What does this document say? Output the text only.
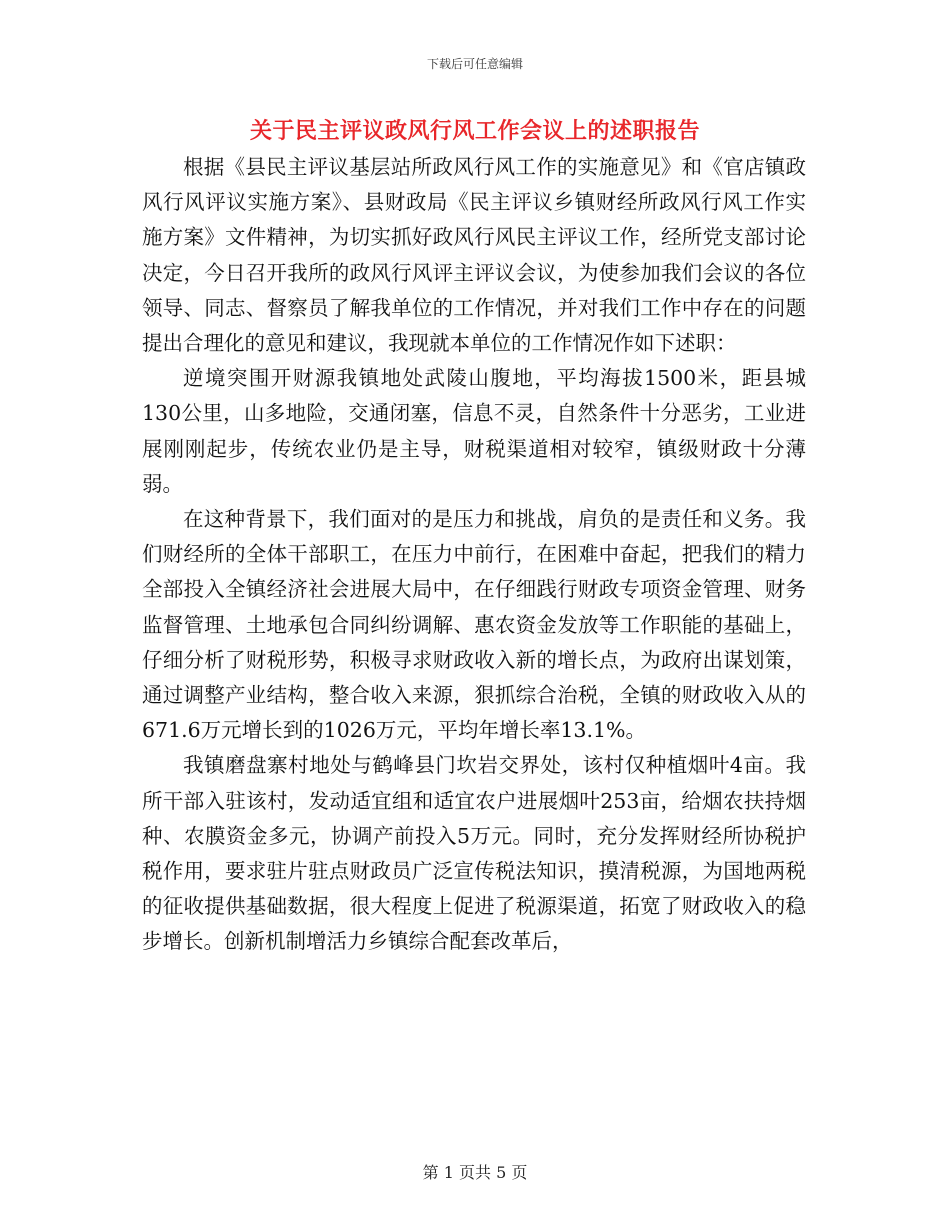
下载后可任意编辑
关于民主评议政风行风工作会议上的述职报告

根据《县民主评议基层站所政风行风工作的实施意见》和《官店镇政风行风评议实施方案》、县财政局《民主评议乡镇财经所政风行风工作实施方案》文件精神，为切实抓好政风行风民主评议工作，经所党支部讨论决定，今日召开我所的政风行风评主评议会议，为使参加我们会议的各位领导、同志、督察员了解我单位的工作情况，并对我们工作中存在的问题提出合理化的意见和建议，我现就本单位的工作情况作如下述职：

逆境突围开财源我镇地处武陵山腹地，平均海拔1500米，距县城130公里，山多地险，交通闭塞，信息不灵，自然条件十分恶劣，工业进展刚刚起步，传统农业仍是主导，财税渠道相对较窄，镇级财政十分薄弱。

在这种背景下，我们面对的是压力和挑战，肩负的是责任和义务。我们财经所的全体干部职工，在压力中前行，在困难中奋起，把我们的精力全部投入全镇经济社会进展大局中，在仔细践行财政专项资金管理、财务监督管理、土地承包合同纠纷调解、惠农资金发放等工作职能的基础上，仔细分析了财税形势，积极寻求财政收入新的增长点，为政府出谋划策，通过调整产业结构，整合收入来源，狠抓综合治税，全镇的财政收入从的671.6万元增长到的1026万元，平均年增长率13.1%。

我镇磨盘寨村地处与鹤峰县门坎岩交界处，该村仅种植烟叶4亩。我所干部入驻该村，发动适宜组和适宜农户进展烟叶253亩，给烟农扶持烟种、农膜资金多元，协调产前投入5万元。同时，充分发挥财经所协税护税作用，要求驻片驻点财政员广泛宣传税法知识，摸清税源，为国地两税的征收提供基础数据，很大程度上促进了税源渠道，拓宽了财政收入的稳步增长。创新机制增活力乡镇综合配套改革后，

第 1 页共 5 页
